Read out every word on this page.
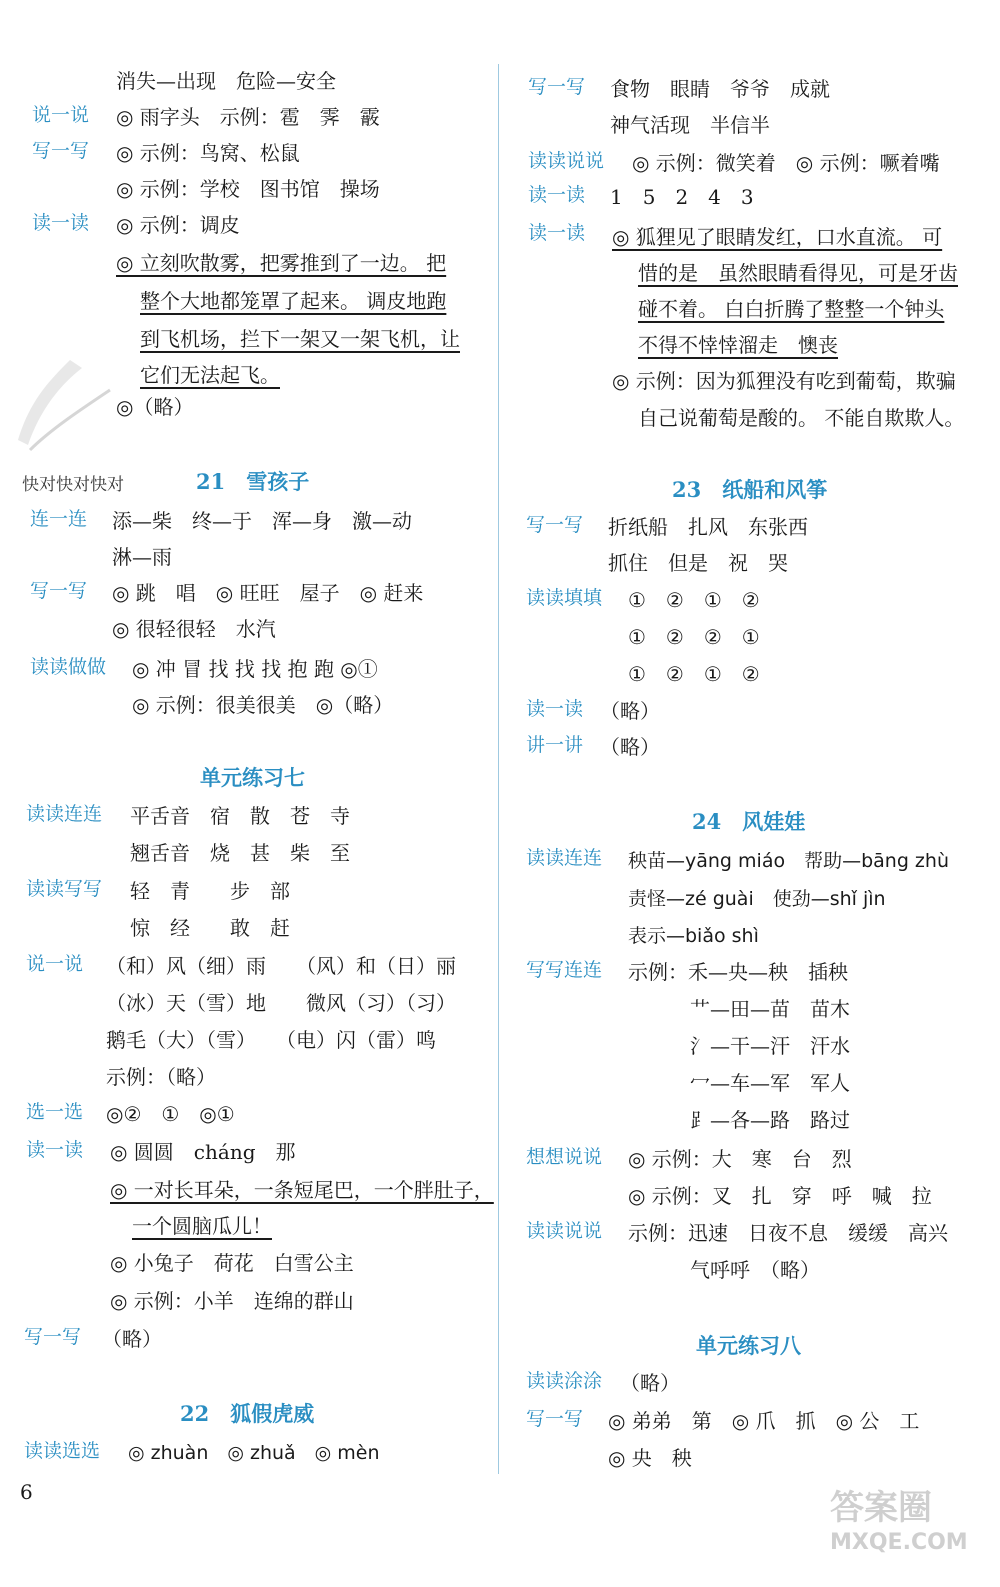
消失—出现　危险—安全
说一说 ◎ 雨字头　示例：雹　霁　霰
写一写 ◎ 示例：鸟窝、松鼠
◎ 示例：学校　图书馆　操场
读一读 ◎ 示例：调皮
◎ 立刻吹散雾，把雾推到了一边。 把
整个大地都笼罩了起来。 调皮地跑
到飞机场，拦下一架又一架飞机，让
它们无法起飞。
◎（略）
快对快对快对	21　雪孩子
连一连 添—柴　终—于　浑—身　激—动
淋—雨
写一写 ◎ 跳　唱　◎ 旺旺　屋子　◎ 赶来
◎ 很轻很轻　水汽
读读做做 ◎ 冲 冒 找 找 找 抱 跑 ◎①
◎ 示例：很美很美　◎（略）
单元练习七
读读连连 平舌音　宿　散　苍　寺
翘舌音　烧　甚　柴　至
读读写写 轻　青　　步　部
惊　经　　敢　赶
说一说 （和）风（细）雨　　（风）和（日）丽
（冰）天（雪）地　　微风（习）（习）
鹅毛（大）（雪）　　（电）闪（雷）鸣
示例：（略）
选一选 ◎②　①　◎①
读一读 ◎ 圆圆　cháng　那
◎ 一对长耳朵，一条短尾巴，一个胖肚子，
一个圆脑瓜儿！
◎ 小兔子　荷花　白雪公主
◎ 示例：小羊　连绵的群山
写一写 （略）
22　狐假虎威
读读选选 ◎ zhuàn　◎ zhuǎ　◎ mèn
写一写 食物　眼睛　爷爷　成就
神气活现　半信半
读读说说 ◎ 示例：微笑着　◎ 示例：噘着嘴
读一读 1　5　2　4　3
读一读 ◎ 狐狸见了眼睛发红，口水直流。 可
惜的是　虽然眼睛看得见，可是牙齿
碰不着。 白白折腾了整整一个钟头
不得不悻悻溜走　懊丧
◎ 示例：因为狐狸没有吃到葡萄，欺骗
自己说葡萄是酸的。 不能自欺欺人。
23　纸船和风筝
写一写 折纸船　扎风　东张西
抓住　但是　祝　哭
读读填填 ①　②　①　②
①　②　②　①
①　②　①　②
读一读 （略）
讲一讲 （略）
24　风娃娃
读读连连 秧苗—yāng miáo　帮助—bāng zhù
责怪—zé guài　使劲—shǐ jìn
表示—biǎo shì
写写连连 示例：禾—央—秧　插秧
艹—田—苗　苗木
氵—干—汗　汗水
冖—车—军　军人
⻊—各—路　路过
想想说说 ◎ 示例：大　寒　台　烈
◎ 示例：叉　扎　穿　呼　喊　拉
读读说说 示例：迅速　日夜不息　缓缓　高兴
气呼呼　（略）
单元练习八
读读涂涂 （略）
写一写 ◎ 弟弟　第　◎ 爪　抓　◎ 公　工
◎ 央　秧
6	答案圈
MXQE.COM
